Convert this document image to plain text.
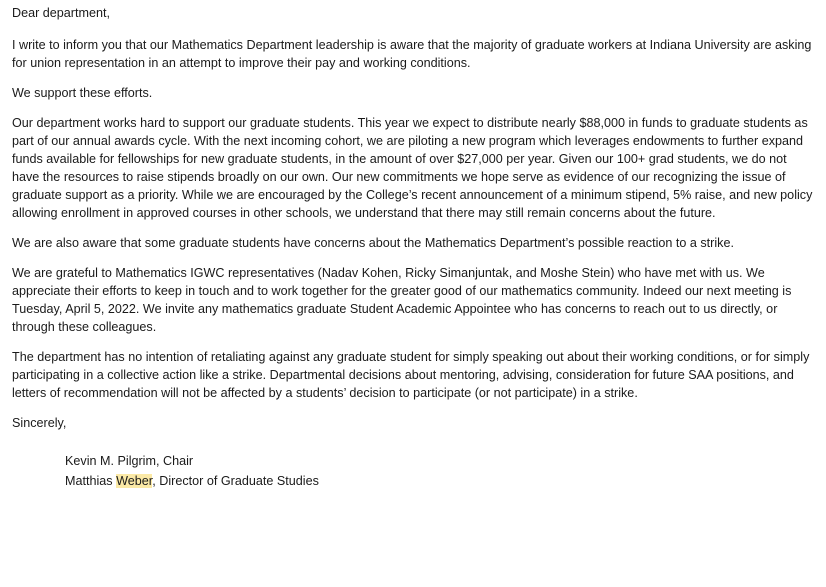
Dear department,

I write to inform you that our Mathematics Department leadership is aware that the majority of graduate workers at Indiana University are asking for union representation in an attempt to improve their pay and working conditions.

We support these efforts.

Our department works hard to support our graduate students. This year we expect to distribute nearly $88,000 in funds to graduate students as part of our annual awards cycle. With the next incoming cohort, we are piloting a new program which leverages endowments to further expand funds available for fellowships for new graduate students, in the amount of over $27,000 per year. Given our 100+ grad students, we do not have the resources to raise stipends broadly on our own. Our new commitments we hope serve as evidence of our recognizing the issue of graduate support as a priority. While we are encouraged by the College’s recent announcement of a minimum stipend, 5% raise, and new policy allowing enrollment in approved courses in other schools, we understand that there may still remain concerns about the future.

We are also aware that some graduate students have concerns about the Mathematics Department’s possible reaction to a strike.

We are grateful to Mathematics IGWC representatives (Nadav Kohen, Ricky Simanjuntak, and Moshe Stein) who have met with us. We appreciate their efforts to keep in touch and to work together for the greater good of our mathematics community. Indeed our next meeting is Tuesday, April 5, 2022. We invite any mathematics graduate Student Academic Appointee who has concerns to reach out to us directly, or through these colleagues.

The department has no intention of retaliating against any graduate student for simply speaking out about their working conditions, or for simply participating in a collective action like a strike. Departmental decisions about mentoring, advising, consideration for future SAA positions, and letters of recommendation will not be affected by a students’ decision to participate (or not participate) in a strike.

Sincerely,

Kevin M. Pilgrim, Chair
Matthias Weber, Director of Graduate Studies
